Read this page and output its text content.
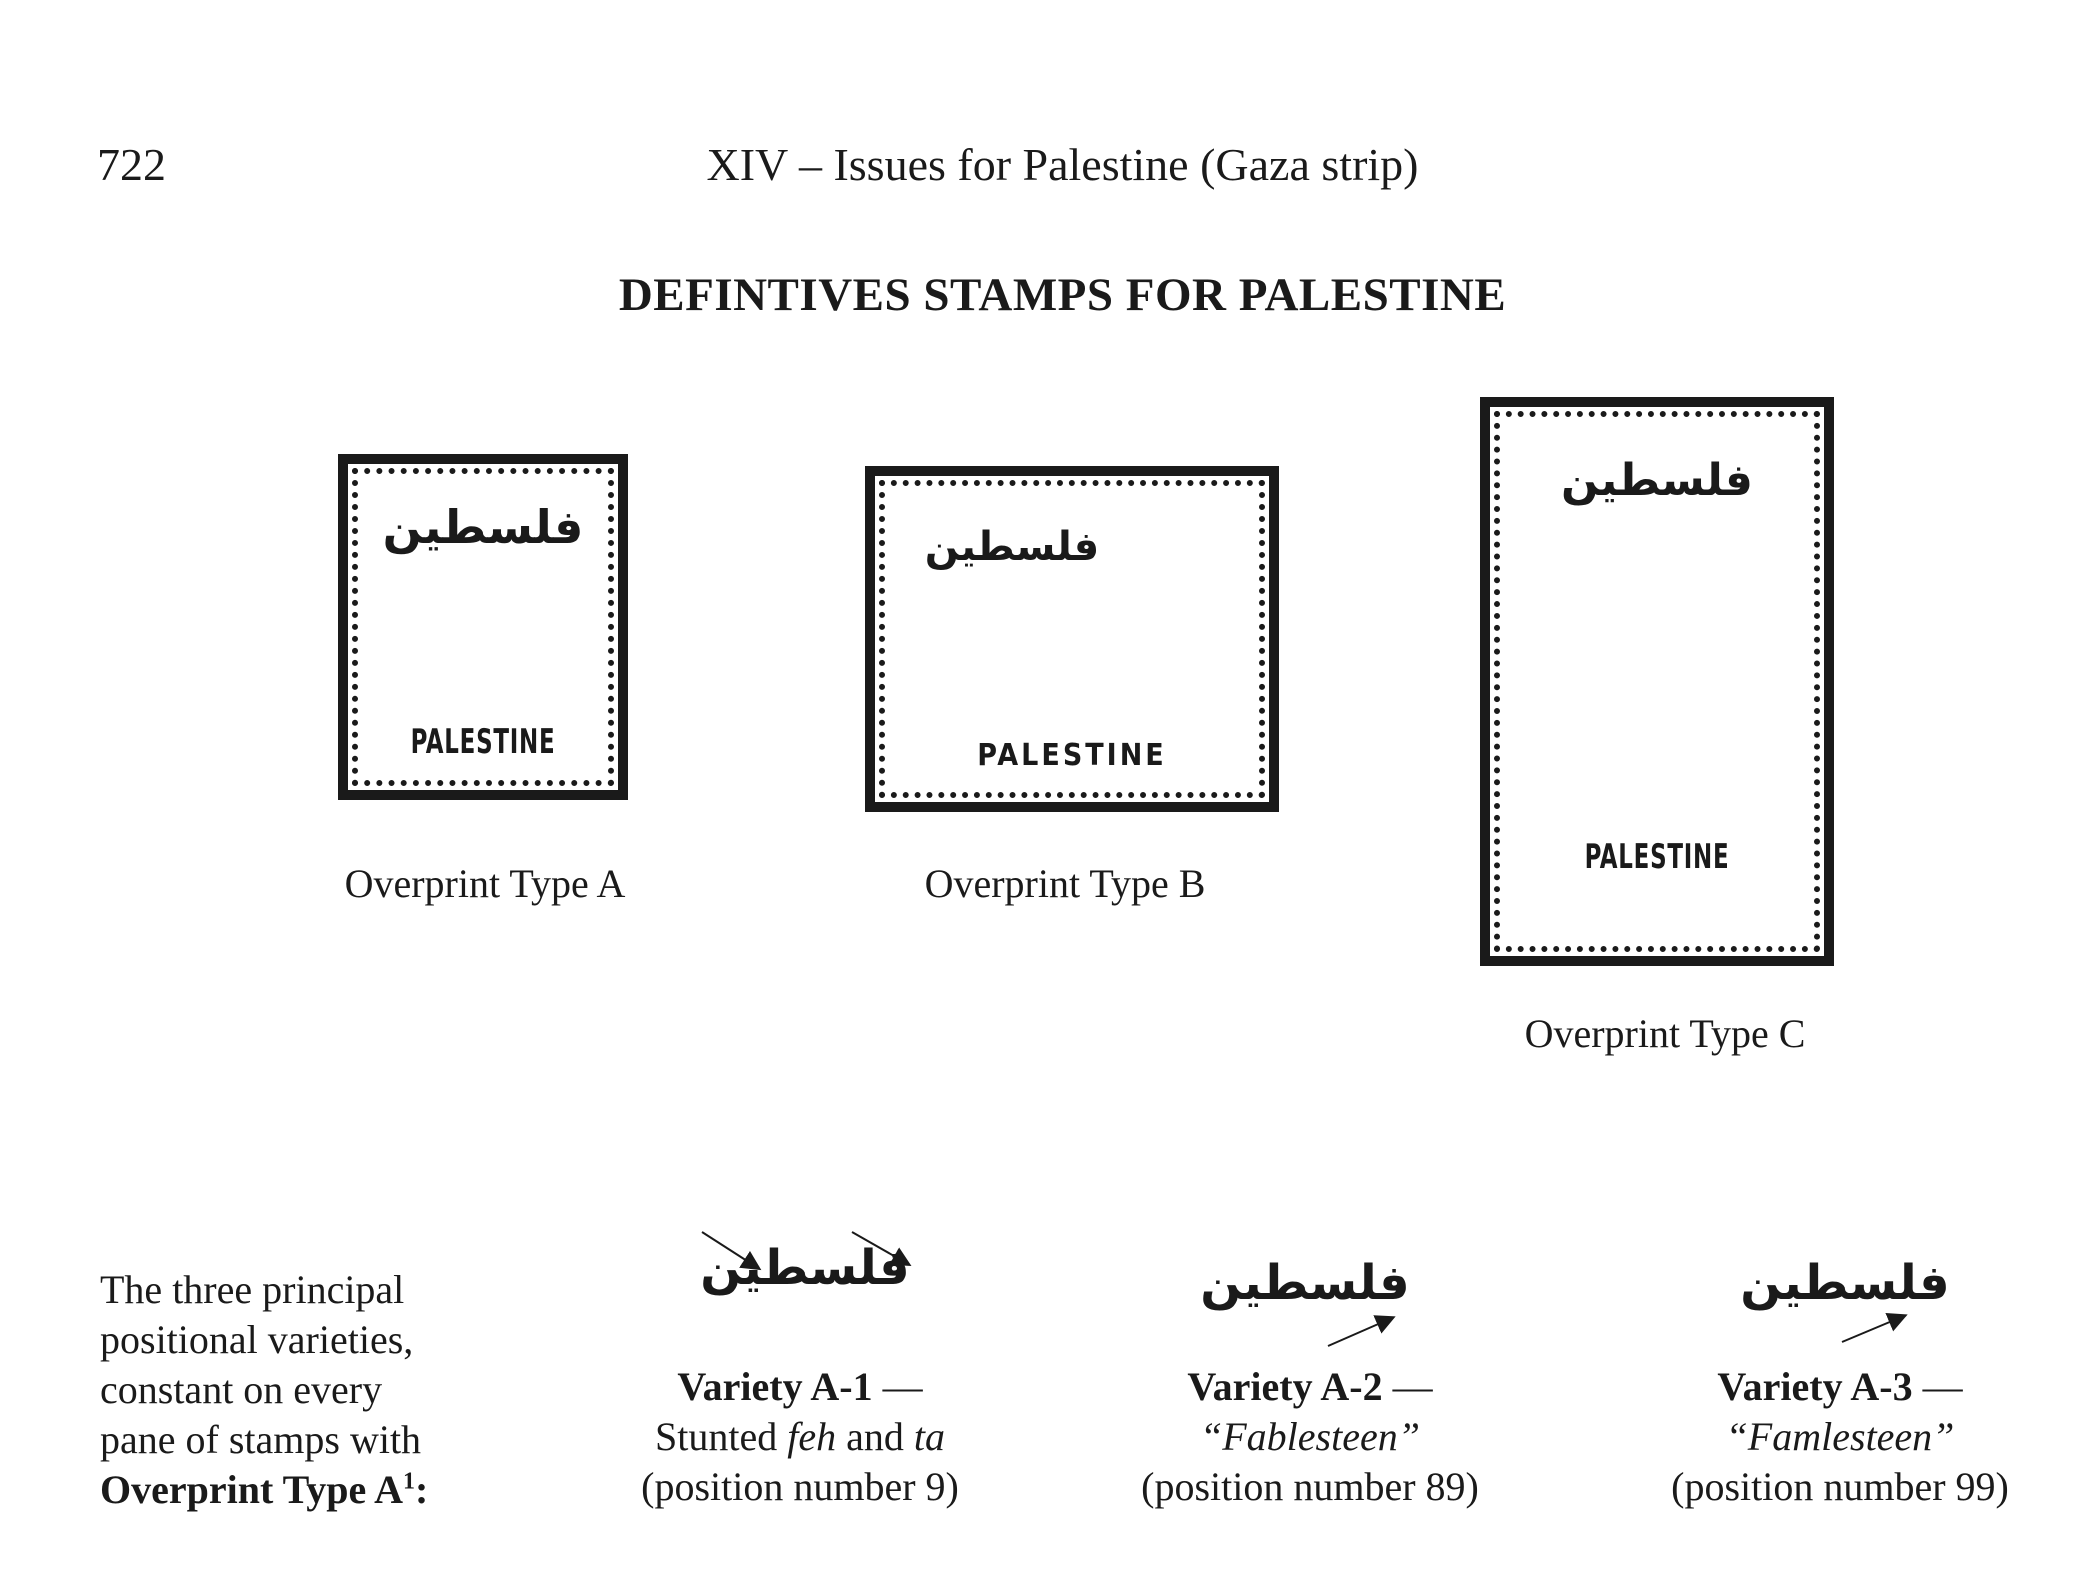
722	XIV – Issues for Palestine (Gaza strip)
DEFINTIVES STAMPS FOR PALESTINE
فلسطين
PALESTINE
فلسطين
PALESTINE
فلسطين
PALESTINE
Overprint Type A	Overprint Type B
Overprint Type C
The three principal
positional varieties,
constant on every
pane of stamps with
Overprint Type $A^1$:
فلسطين	فلسطين	فلسطين
Variety A-1 —
Stunted feh and ta
(position number 9)
Variety A-2 —
“Fablesteen”
(position number 89)
Variety A-3 —
“Famlesteen”
(position number 99)
